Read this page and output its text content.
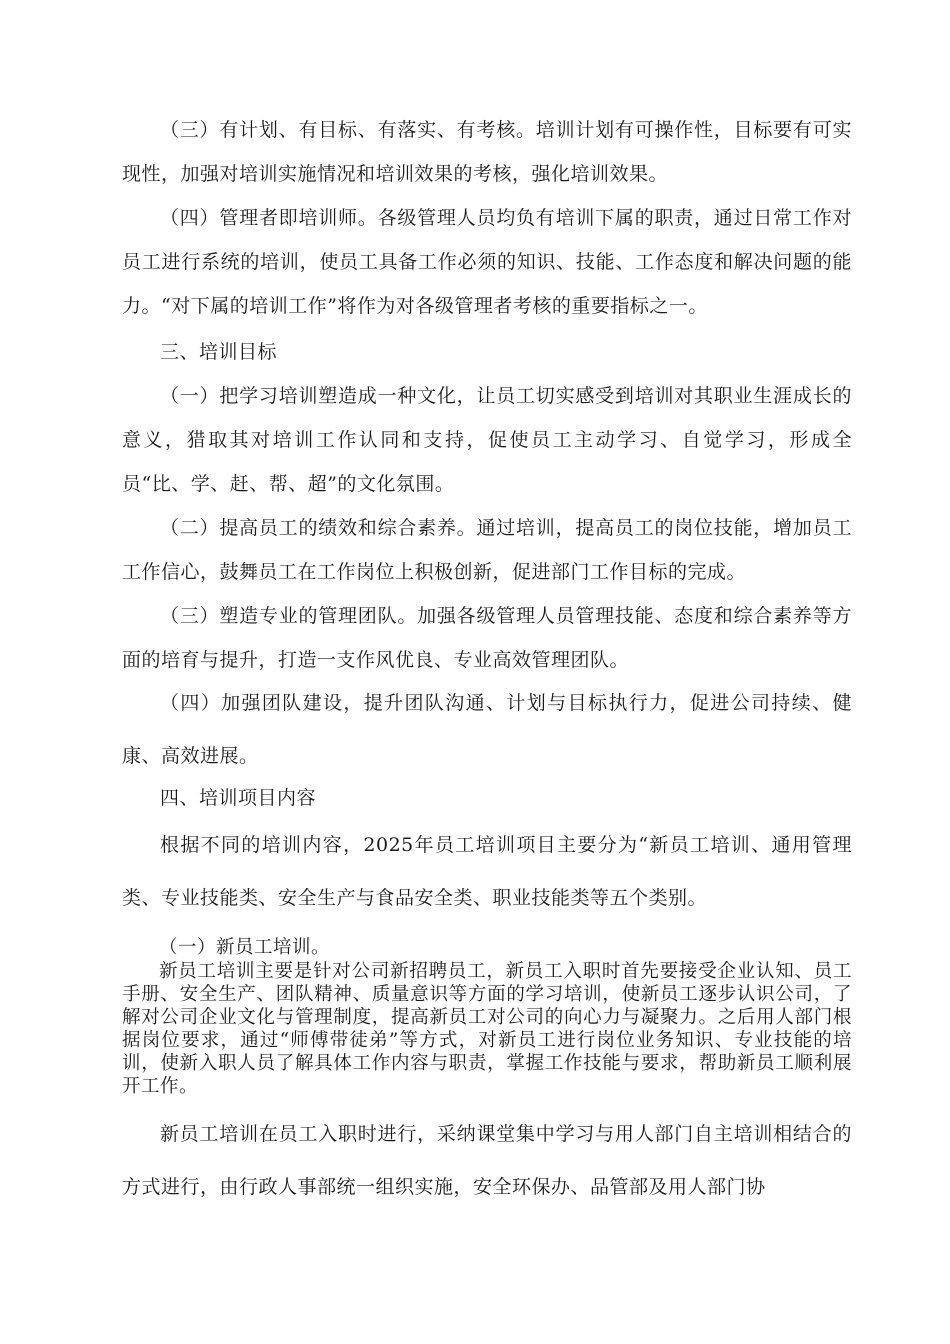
（三）有计划、有目标、有落实、有考核。培训计划有可操作性，目标要有可实现性，加强对培训实施情况和培训效果的考核，强化培训效果。

（四）管理者即培训师。各级管理人员均负有培训下属的职责，通过日常工作对员工进行系统的培训，使员工具备工作必须的知识、技能、工作态度和解决问题的能力。“对下属的培训工作”将作为对各级管理者考核的重要指标之一。

三、培训目标

（一）把学习培训塑造成一种文化，让员工切实感受到培训对其职业生涯成长的意义，猎取其对培训工作认同和支持，促使员工主动学习、自觉学习，形成全员“比、学、赶、帮、超”的文化氛围。

（二）提高员工的绩效和综合素养。通过培训，提高员工的岗位技能，增加员工工作信心，鼓舞员工在工作岗位上积极创新，促进部门工作目标的完成。

（三）塑造专业的管理团队。加强各级管理人员管理技能、态度和综合素养等方面的培育与提升，打造一支作风优良、专业高效管理团队。

（四）加强团队建设，提升团队沟通、计划与目标执行力，促进公司持续、健康、高效进展。

四、培训项目内容

根据不同的培训内容，2025年员工培训项目主要分为“新员工培训、通用管理类、专业技能类、安全生产与食品安全类、职业技能类等五个类别。

（一）新员工培训。

新员工培训主要是针对公司新招聘员工，新员工入职时首先要接受企业认知、员工手册、安全生产、团队精神、质量意识等方面的学习培训，使新员工逐步认识公司，了解对公司企业文化与管理制度，提高新员工对公司的向心力与凝聚力。之后用人部门根据岗位要求，通过“师傅带徒弟”等方式，对新员工进行岗位业务知识、专业技能的培训，使新入职人员了解具体工作内容与职责，掌握工作技能与要求，帮助新员工顺利展开工作。

新员工培训在员工入职时进行，采纳课堂集中学习与用人部门自主培训相结合的方式进行，由行政人事部统一组织实施，安全环保办、品管部及用人部门协
